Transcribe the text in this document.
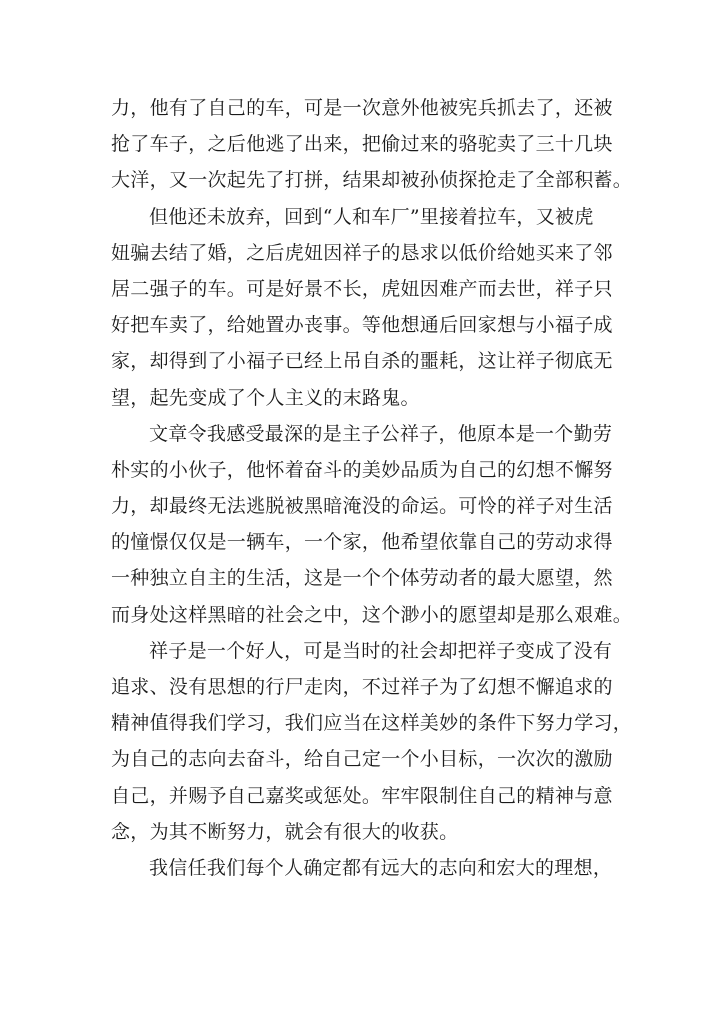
力，他有了自己的车，可是一次意外他被宪兵抓去了，还被
抢了车子，之后他逃了出来，把偷过来的骆驼卖了三十几块
大洋，又一次起先了打拼，结果却被孙侦探抢走了全部积蓄。
但他还未放弃，回到“人和车厂”里接着拉车，又被虎
妞骗去结了婚，之后虎妞因祥子的恳求以低价给她买来了邻
居二强子的车。可是好景不长，虎妞因难产而去世，祥子只
好把车卖了，给她置办丧事。等他想通后回家想与小福子成
家，却得到了小福子已经上吊自杀的噩耗，这让祥子彻底无
望，起先变成了个人主义的末路鬼。
文章令我感受最深的是主子公祥子，他原本是一个勤劳
朴实的小伙子，他怀着奋斗的美妙品质为自己的幻想不懈努
力，却最终无法逃脱被黑暗淹没的命运。可怜的祥子对生活
的憧憬仅仅是一辆车，一个家，他希望依靠自己的劳动求得
一种独立自主的生活，这是一个个体劳动者的最大愿望，然
而身处这样黑暗的社会之中，这个渺小的愿望却是那么艰难。
祥子是一个好人，可是当时的社会却把祥子变成了没有
追求、没有思想的行尸走肉，不过祥子为了幻想不懈追求的
精神值得我们学习，我们应当在这样美妙的条件下努力学习，
为自己的志向去奋斗，给自己定一个小目标，一次次的激励
自己，并赐予自己嘉奖或惩处。牢牢限制住自己的精神与意
念，为其不断努力，就会有很大的收获。
我信任我们每个人确定都有远大的志向和宏大的理想，
